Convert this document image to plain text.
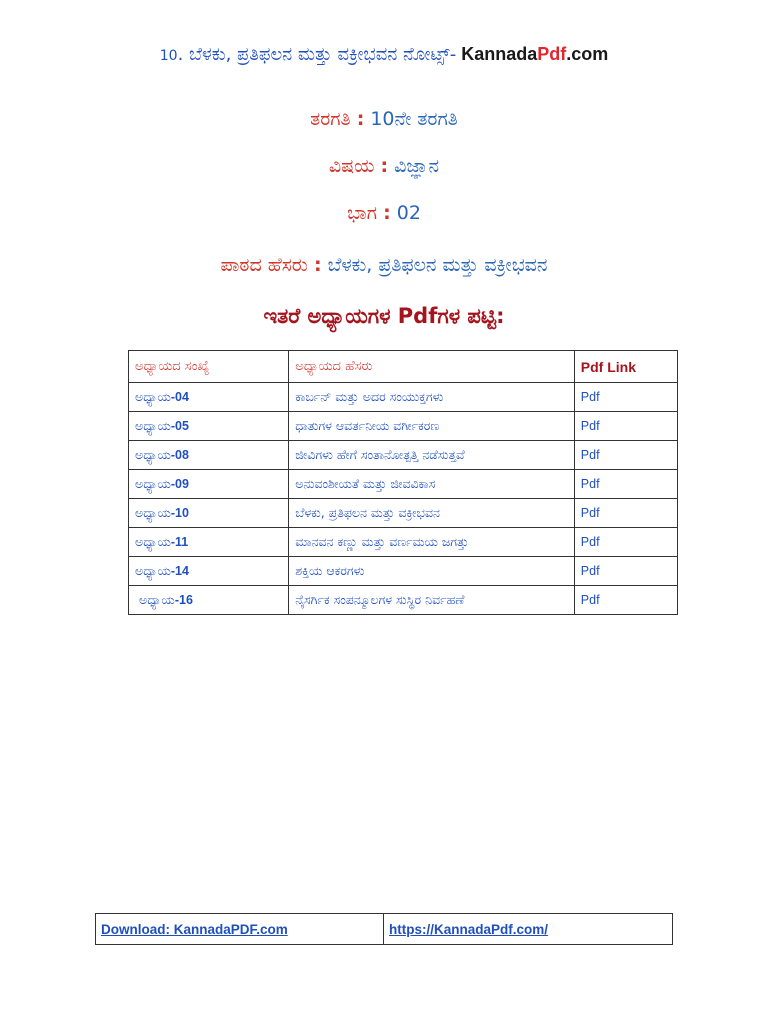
10. ಬೆಳಕು, ಪ್ರತಿಫಲನ ಮತ್ತು ವಕ್ರೀಭವನ ನೋಟ್ಸ್- KannadaPdf.com
ತರಗತಿ : 10ನೇ ತರಗತಿ
ವಿಷಯ : ವಿಜ್ಞಾನ
ಭಾಗ : 02
ಪಾಠದ ಹೆಸರು : ಬೆಳಕು, ಪ್ರತಿಫಲನ ಮತ್ತು ವಕ್ರೀಭವನ
ಇತರೆ ಅಧ್ಯಾಯಗಳ Pdfಗಳ ಪಟ್ಟಿ:
ಅಧ್ಯಾಯದ ಸಂಖ್ಯೆ	ಅಧ್ಯಾಯದ ಹೆಸರು	Pdf Link
ಅಧ್ಯಾಯ-04	ಕಾರ್ಬನ್ ಮತ್ತು ಅದರ ಸಂಯುಕ್ತಗಳು	Pdf
ಅಧ್ಯಾಯ-05	ಧಾತುಗಳ ಆವರ್ತನೀಯ ವರ್ಗೀಕರಣ	Pdf
ಅಧ್ಯಾಯ-08	ಜೀವಿಗಳು ಹೇಗೆ ಸಂತಾನೋತ್ಪತ್ತಿ ನಡೆಸುತ್ತವೆ	Pdf
ಅಧ್ಯಾಯ-09	ಅನುವಂಶೀಯತೆ ಮತ್ತು ಜೀವವಿಕಾಸ	Pdf
ಅಧ್ಯಾಯ-10	ಬೆಳಕು, ಪ್ರತಿಫಲನ ಮತ್ತು ವಕ್ರೀಭವನ	Pdf
ಅಧ್ಯಾಯ-11	ಮಾನವನ ಕಣ್ಣು ಮತ್ತು ವರ್ಣಮಯ ಜಗತ್ತು	Pdf
ಅಧ್ಯಾಯ-14	ಶಕ್ತಿಯ ಆಕರಗಳು	Pdf
ಅಧ್ಯಾಯ-16	ನೈಸರ್ಗಿಕ ಸಂಪನ್ಮೂಲಗಳ ಸುಸ್ಥಿರ ನಿರ್ವಹಣೆ	Pdf
Download: KannadaPDF.com	https://KannadaPdf.com/
